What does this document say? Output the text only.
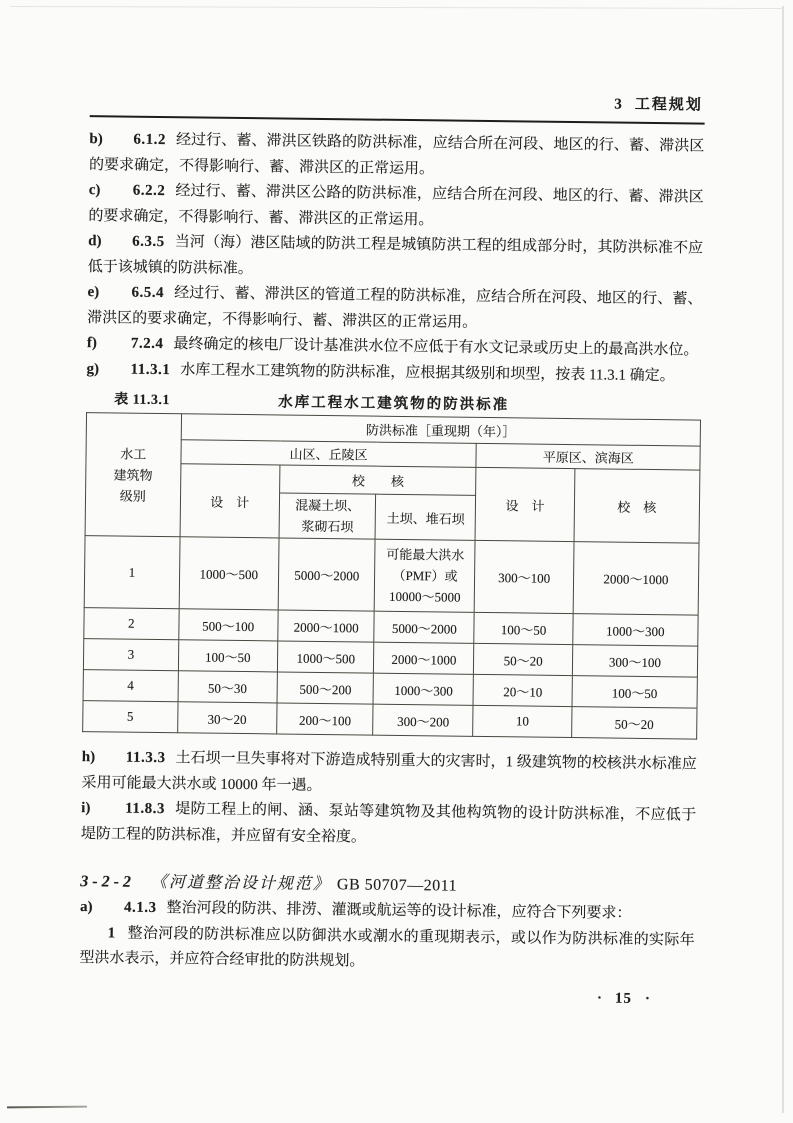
3 工程规划

b) 6.1.2 经过行、蓄、滞洪区铁路的防洪标准，应结合所在河段、地区的行、蓄、滞洪区的要求确定，不得影响行、蓄、滞洪区的正常运用。

c) 6.2.2 经过行、蓄、滞洪区公路的防洪标准，应结合所在河段、地区的行、蓄、滞洪区的要求确定，不得影响行、蓄、滞洪区的正常运用。

d) 6.3.5 当河（海）港区陆域的防洪工程是城镇防洪工程的组成部分时，其防洪标准不应低于该城镇的防洪标准。

e) 6.5.4 经过行、蓄、滞洪区的管道工程的防洪标准，应结合所在河段、地区的行、蓄、滞洪区的要求确定，不得影响行、蓄、滞洪区的正常运用。

f) 7.2.4 最终确定的核电厂设计基准洪水位不应低于有水文记录或历史上的最高洪水位。

g) 11.3.1 水库工程水工建筑物的防洪标准，应根据其级别和坝型，按表 11.3.1 确定。

表 11.3.1	水库工程水工建筑物的防洪标准
水工
建筑物
级别	防洪标准［重现期（年）］				
	山区、丘陵区			平原区、滨海区	
	设　计	校　　核		设　计	校　核
		混凝土坝、
浆砌石坝	土坝、堆石坝		
1	1000～500	5000～2000	可能最大洪水
（PMF）或
10000～5000	300～100	2000～1000
2	500～100	2000～1000	5000～2000	100～50	1000～300
3	100～50	1000～500	2000～1000	50～20	300～100
4	50～30	500～200	1000～300	20～10	100～50
5	30～20	200～100	300～200	10	50～20

h) 11.3.3 土石坝一旦失事将对下游造成特别重大的灾害时，1 级建筑物的校核洪水标准应采用可能最大洪水或 10000 年一遇。

i) 11.8.3 堤防工程上的闸、涵、泵站等建筑物及其他构筑物的设计防洪标准，不应低于堤防工程的防洪标准，并应留有安全裕度。

3-2-2 《河道整治设计规范》 GB 50707—2011

a) 4.1.3 整治河段的防洪、排涝、灌溉或航运等的设计标准，应符合下列要求：

1 整治河段的防洪标准应以防御洪水或潮水的重现期表示，或以作为防洪标准的实际年型洪水表示，并应符合经审批的防洪规划。

· 15 ·
